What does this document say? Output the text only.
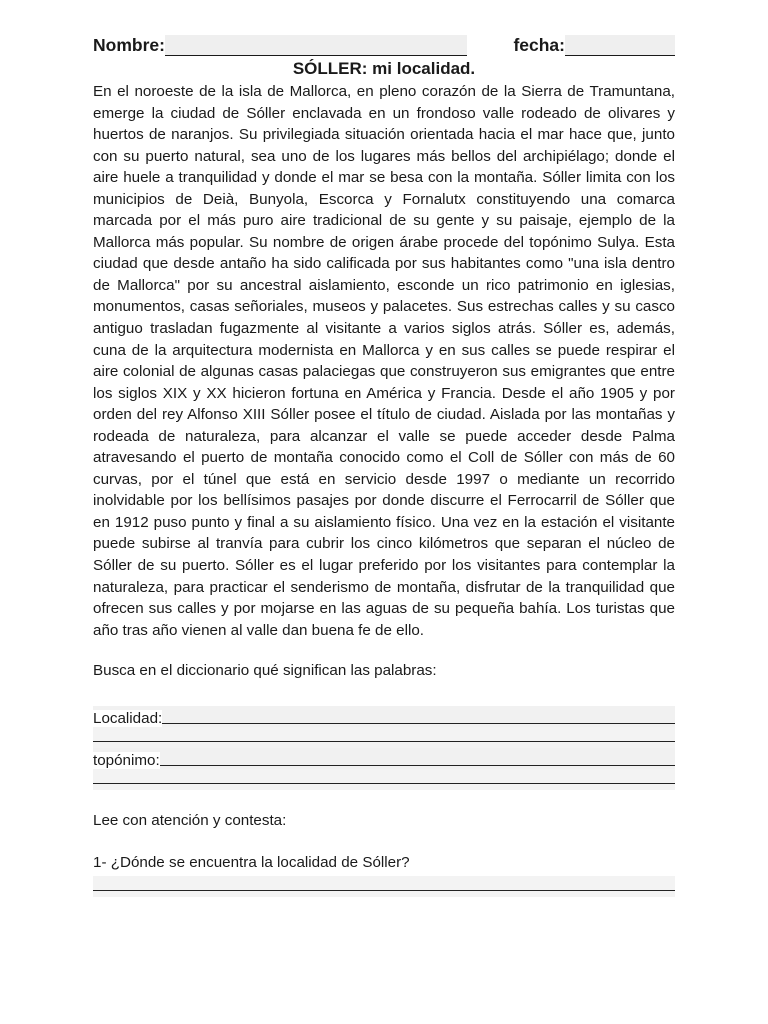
Nombre:	fecha:
SÓLLER: mi localidad.
En el noroeste de la isla de Mallorca, en pleno corazón de la Sierra de Tramuntana,
emerge la ciudad de Sóller enclavada en un frondoso valle rodeado de olivares y
huertos de naranjos. Su privilegiada situación orientada hacia el mar hace que, junto
con su puerto natural, sea uno de los lugares más bellos del archipiélago; donde el
aire huele a tranquilidad y donde el mar se besa con la montaña. Sóller limita con los
municipios de Deià, Bunyola, Escorca y Fornalutx constituyendo una comarca
marcada por el más puro aire tradicional de su gente y su paisaje, ejemplo de la
Mallorca más popular. Su nombre de origen árabe procede del topónimo Sulya. Esta
ciudad que desde antaño ha sido calificada por sus habitantes como "una isla dentro
de Mallorca" por su ancestral aislamiento, esconde un rico patrimonio en iglesias,
monumentos, casas señoriales, museos y palacetes. Sus estrechas calles y su casco
antiguo trasladan fugazmente al visitante a varios siglos atrás. Sóller es, además,
cuna de la arquitectura modernista en Mallorca y en sus calles se puede respirar el
aire colonial de algunas casas palaciegas que construyeron sus emigrantes que entre
los siglos XIX y XX hicieron fortuna en América y Francia. Desde el año 1905 y por
orden del rey Alfonso XIII Sóller posee el título de ciudad. Aislada por las montañas y
rodeada de naturaleza, para alcanzar el valle se puede acceder desde Palma
atravesando el puerto de montaña conocido como el Coll de Sóller con más de 60
curvas, por el túnel que está en servicio desde 1997 o mediante un recorrido
inolvidable por los bellísimos pasajes por donde discurre el Ferrocarril de Sóller que
en 1912 puso punto y final a su aislamiento físico. Una vez en la estación el visitante
puede subirse al tranvía para cubrir los cinco kilómetros que separan el núcleo de
Sóller de su puerto. Sóller es el lugar preferido por los visitantes para contemplar la
naturaleza, para practicar el senderismo de montaña, disfrutar de la tranquilidad que
ofrecen sus calles y por mojarse en las aguas de su pequeña bahía. Los turistas que
año tras año vienen al valle dan buena fe de ello.
Busca en el diccionario qué significan las palabras:
Localidad:
topónimo:
Lee con atención y contesta:
1- ¿Dónde se encuentra la localidad de Sóller?
